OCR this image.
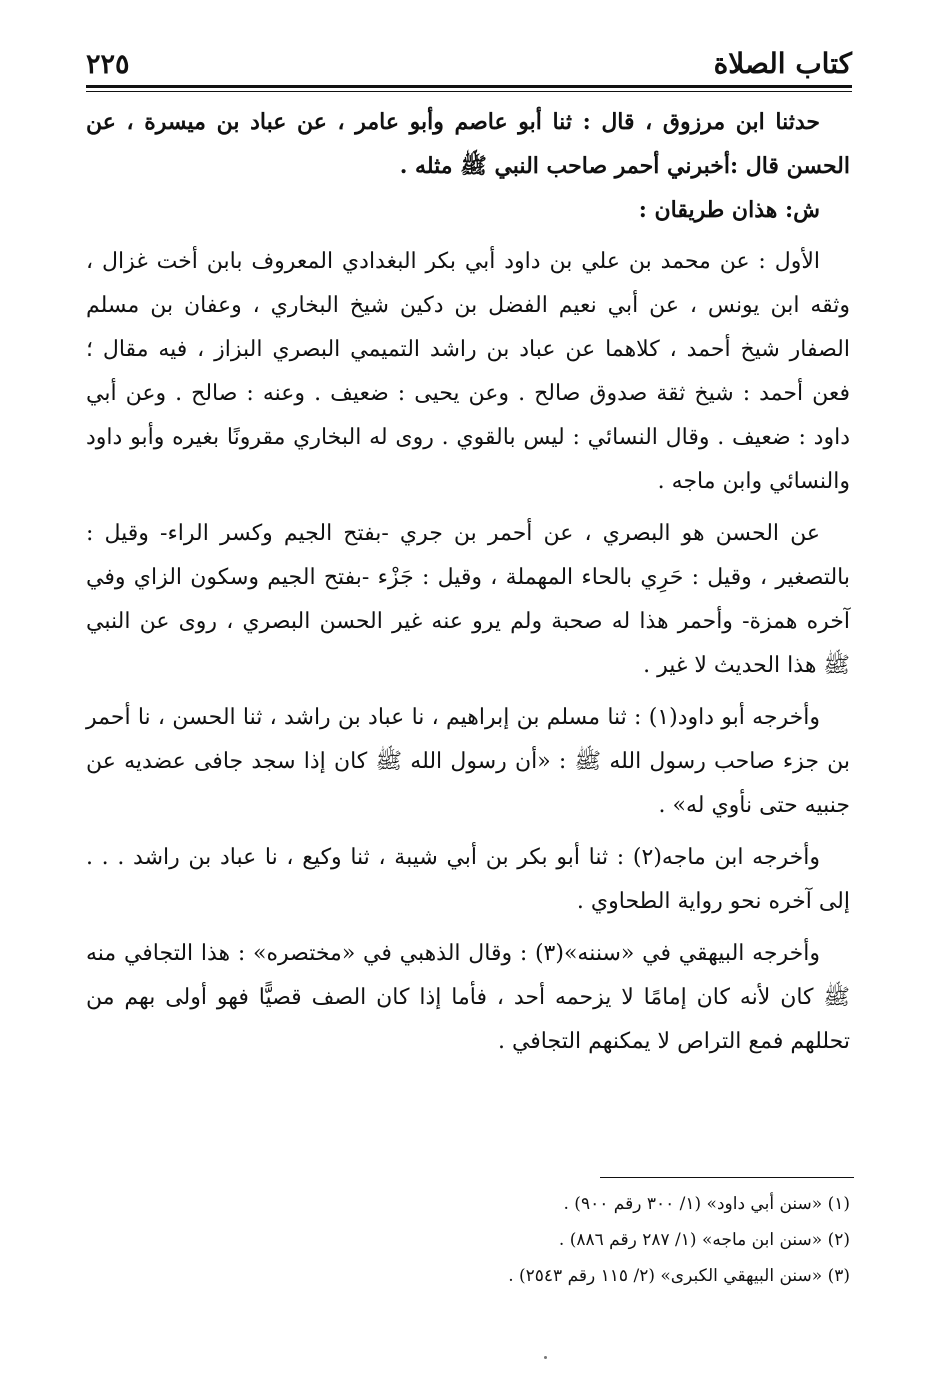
كتاب الصلاة
٢٢٥

حدثنا ابن مرزوق ، قال : ثنا أبو عاصم وأبو عامر ، عن عباد بن ميسرة ، عن الحسن قال :أخبرني أحمر صاحب النبي ﷺ مثله .

ش: هذان طريقان :

الأول : عن محمد بن علي بن داود أبي بكر البغدادي المعروف بابن أخت غزال ، وثقه ابن يونس ، عن أبي نعيم الفضل بن دكين شيخ البخاري ، وعفان بن مسلم الصفار شيخ أحمد ، كلاهما عن عباد بن راشد التميمي البصري البزاز ، فيه مقال ؛ فعن أحمد : شيخ ثقة صدوق صالح . وعن يحيى : ضعيف . وعنه : صالح . وعن أبي داود : ضعيف . وقال النسائي : ليس بالقوي . روى له البخاري مقرونًا بغيره وأبو داود والنسائي وابن ماجه .

عن الحسن هو البصري ، عن أحمر بن جري -بفتح الجيم وكسر الراء- وقيل : بالتصغير ، وقيل : حَرِي بالحاء المهملة ، وقيل : جَزْء -بفتح الجيم وسكون الزاي وفي آخره همزة- وأحمر هذا له صحبة ولم يرو عنه غير الحسن البصري ، روى عن النبي ﷺ هذا الحديث لا غير .

وأخرجه أبو داود(١) : ثنا مسلم بن إبراهيم ، نا عباد بن راشد ، ثنا الحسن ، نا أحمر بن جزء صاحب رسول الله ﷺ : «أن رسول الله ﷺ كان إذا سجد جافى عضديه عن جنبيه حتى نأوي له» .

وأخرجه ابن ماجه(٢) : ثنا أبو بكر بن أبي شيبة ، ثنا وكيع ، نا عباد بن راشد . . . إلى آخره نحو رواية الطحاوي .

وأخرجه البيهقي في «سننه»(٣) : وقال الذهبي في «مختصره» : هذا التجافي منه ﷺ كان لأنه كان إمامًا لا يزحمه أحد ، فأما إذا كان الصف قصيًّا فهو أولى بهم من تحللهم فمع التراص لا يمكنهم التجافي .

(١) «سنن أبي داود» (١/ ٣٠٠ رقم ٩٠٠) .
(٢) «سنن ابن ماجه» (١/ ٢٨٧ رقم ٨٨٦) .
(٣) «سنن البيهقي الكبرى» (٢/ ١١٥ رقم ٢٥٤٣) .
